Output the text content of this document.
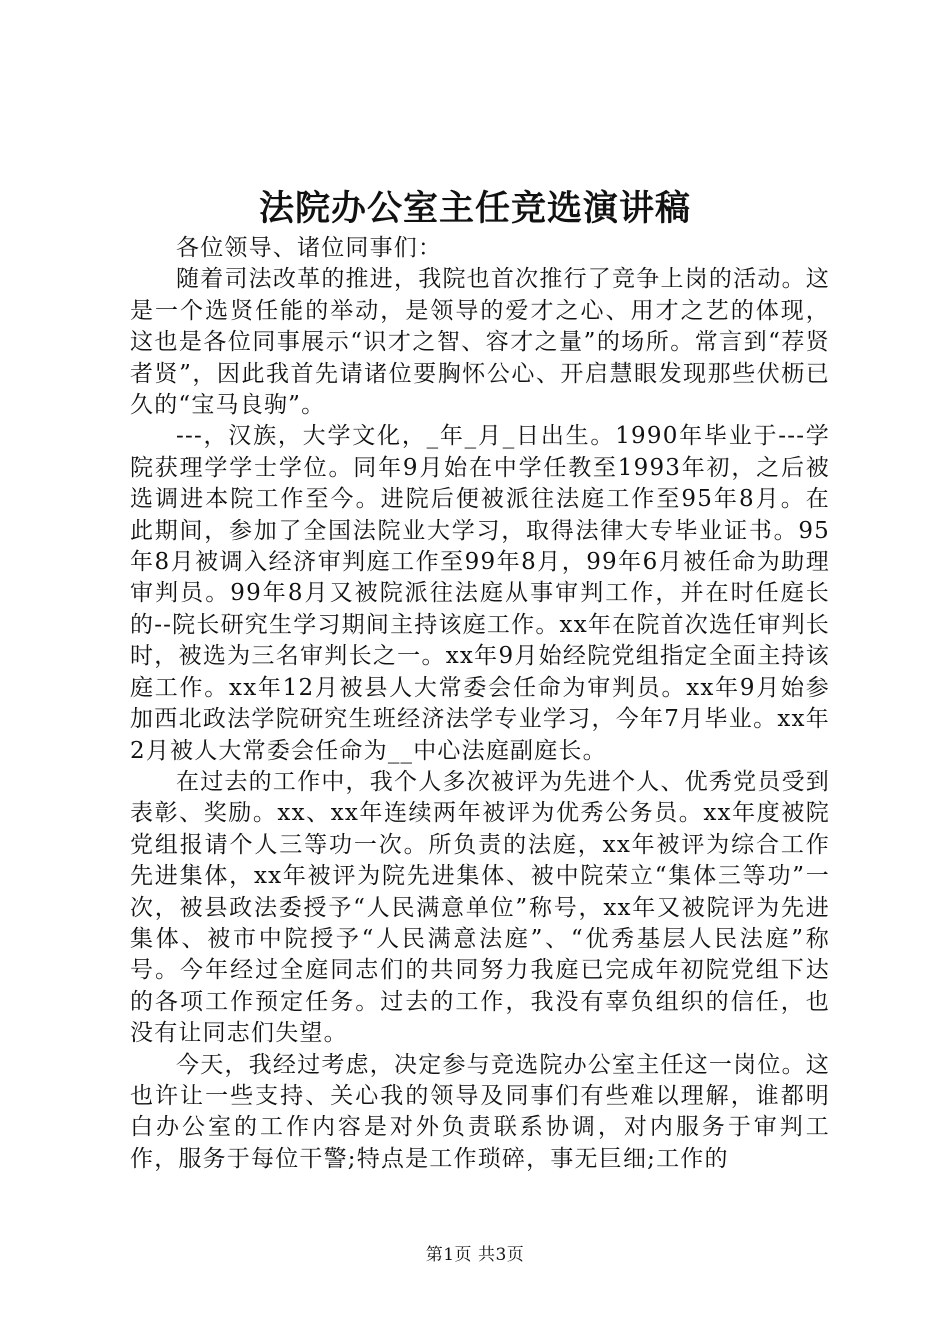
法院办公室主任竞选演讲稿

各位领导、诸位同事们：

随着司法改革的推进，我院也首次推行了竞争上岗的活动。这是一个选贤任能的举动，是领导的爱才之心、用才之艺的体现，这也是各位同事展示“识才之智、容才之量”的场所。常言到“荐贤者贤”，因此我首先请诸位要胸怀公心、开启慧眼发现那些伏枥已久的“宝马良驹”。

---，汉族，大学文化，_年_月_日出生。1990年毕业于---学院获理学学士学位。同年9月始在中学任教至1993年初，之后被选调进本院工作至今。进院后便被派往法庭工作至95年8月。在此期间，参加了全国法院业大学习，取得法律大专毕业证书。95年8月被调入经济审判庭工作至99年8月，99年6月被任命为助理审判员。99年8月又被院派往法庭从事审判工作，并在时任庭长的--院长研究生学习期间主持该庭工作。xx年在院首次选任审判长时，被选为三名审判长之一。xx年9月始经院党组指定全面主持该庭工作。xx年12月被县人大常委会任命为审判员。xx年9月始参加西北政法学院研究生班经济法学专业学习，今年7月毕业。xx年2月被人大常委会任命为__中心法庭副庭长。

在过去的工作中，我个人多次被评为先进个人、优秀党员受到表彰、奖励。xx、xx年连续两年被评为优秀公务员。xx年度被院党组报请个人三等功一次。所负责的法庭，xx年被评为综合工作先进集体，xx年被评为院先进集体、被中院荣立“集体三等功”一次，被县政法委授予“人民满意单位”称号，xx年又被院评为先进集体、被市中院授予“人民满意法庭”、“优秀基层人民法庭”称号。今年经过全庭同志们的共同努力我庭已完成年初院党组下达的各项工作预定任务。过去的工作，我没有辜负组织的信任，也没有让同志们失望。

今天，我经过考虑，决定参与竞选院办公室主任这一岗位。这也许让一些支持、关心我的领导及同事们有些难以理解，谁都明白办公室的工作内容是对外负责联系协调，对内服务于审判工作，服务于每位干警;特点是工作琐碎，事无巨细;工作的

第1页 共3页
